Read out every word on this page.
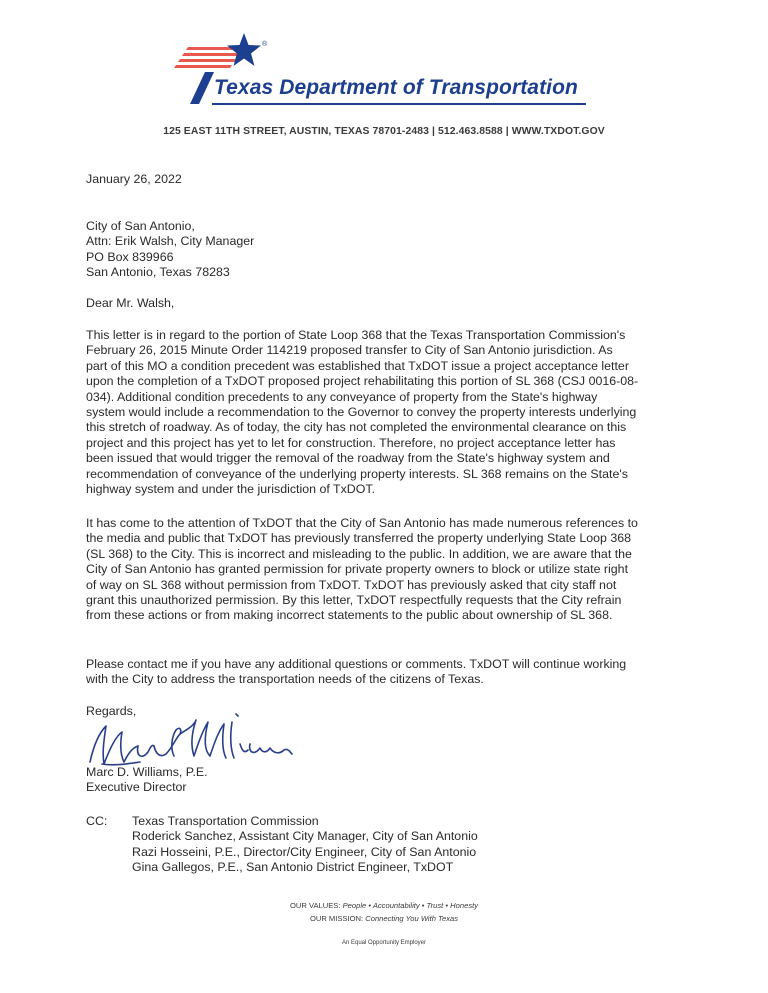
®
Texas Department of Transportation
125 EAST 11TH STREET, AUSTIN, TEXAS 78701-2483 | 512.463.8588 | WWW.TXDOT.GOV
January 26, 2022
City of San Antonio,
Attn: Erik Walsh, City Manager
PO Box 839966
San Antonio, Texas 78283
Dear Mr. Walsh,
This letter is in regard to the portion of State Loop 368 that the Texas Transportation Commission's
February 26, 2015 Minute Order 114219 proposed transfer to City of San Antonio jurisdiction. As
part of this MO a condition precedent was established that TxDOT issue a project acceptance letter
upon the completion of a TxDOT proposed project rehabilitating this portion of SL 368 (CSJ 0016-08-
034). Additional condition precedents to any conveyance of property from the State's highway
system would include a recommendation to the Governor to convey the property interests underlying
this stretch of roadway. As of today, the city has not completed the environmental clearance on this
project and this project has yet to let for construction. Therefore, no project acceptance letter has
been issued that would trigger the removal of the roadway from the State's highway system and
recommendation of conveyance of the underlying property interests. SL 368 remains on the State's
highway system and under the jurisdiction of TxDOT.
It has come to the attention of TxDOT that the City of San Antonio has made numerous references to
the media and public that TxDOT has previously transferred the property underlying State Loop 368
(SL 368) to the City. This is incorrect and misleading to the public. In addition, we are aware that the
City of San Antonio has granted permission for private property owners to block or utilize state right
of way on SL 368 without permission from TxDOT. TxDOT has previously asked that city staff not
grant this unauthorized permission. By this letter, TxDOT respectfully requests that the City refrain
from these actions or from making incorrect statements to the public about ownership of SL 368.
Please contact me if you have any additional questions or comments. TxDOT will continue working
with the City to address the transportation needs of the citizens of Texas.
Regards,
Marc D. Williams, P.E.
Executive Director
CC: Texas Transportation Commission
Roderick Sanchez, Assistant City Manager, City of San Antonio
Razi Hosseini, P.E., Director/City Engineer, City of San Antonio
Gina Gallegos, P.E., San Antonio District Engineer, TxDOT
OUR VALUES: People • Accountability • Trust • Honesty
OUR MISSION: Connecting You With Texas
An Equal Opportunity Employer
